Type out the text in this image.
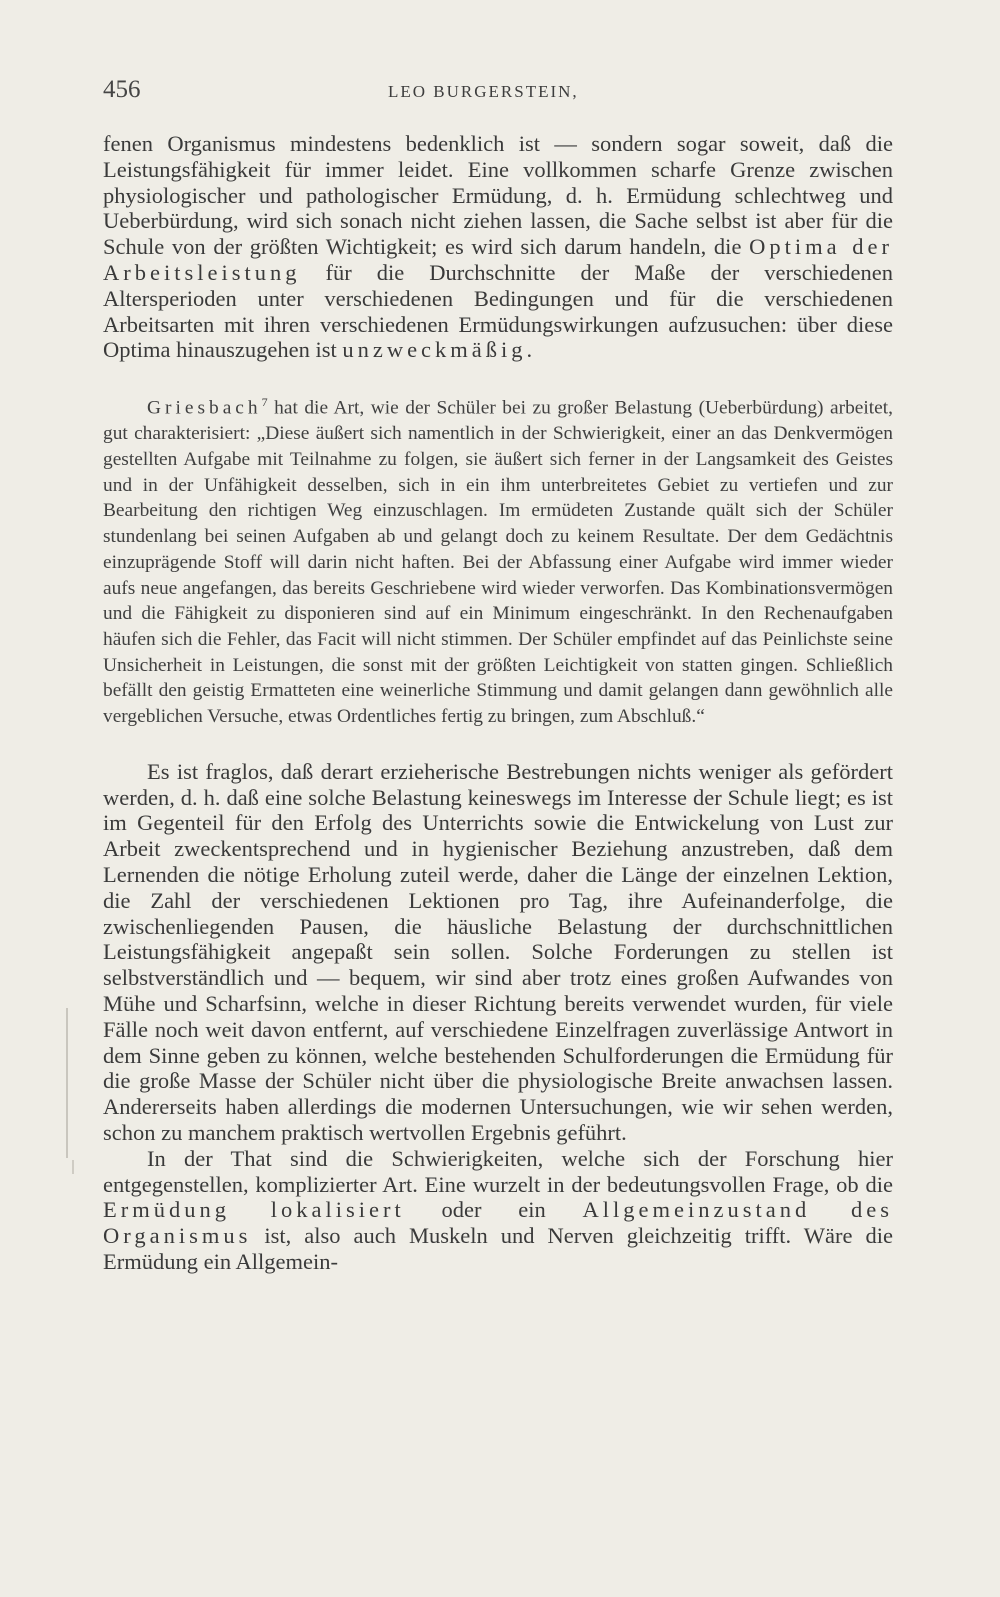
456	LEO BURGERSTEIN,

fenen Organismus mindestens bedenklich ist — sondern sogar soweit, daß die Leistungsfähigkeit für immer leidet. Eine vollkommen scharfe Grenze zwischen physiologischer und pathologischer Ermüdung, d. h. Ermüdung schlechtweg und Ueberbürdung, wird sich sonach nicht ziehen lassen, die Sache selbst ist aber für die Schule von der größten Wichtigkeit; es wird sich darum handeln, die Optima der Arbeitsleistung für die Durchschnitte der Maße der verschiedenen Altersperioden unter verschiedenen Bedingungen und für die verschiedenen Arbeitsarten mit ihren verschiedenen Ermüdungswirkungen aufzusuchen: über diese Optima hinauszugehen ist unzweckmäßig.

Griesbach$^7$ hat die Art, wie der Schüler bei zu großer Belastung (Ueberbürdung) arbeitet, gut charakterisiert: „Diese äußert sich namentlich in der Schwierigkeit, einer an das Denkvermögen gestellten Aufgabe mit Teilnahme zu folgen, sie äußert sich ferner in der Langsamkeit des Geistes und in der Unfähigkeit desselben, sich in ein ihm unterbreitetes Gebiet zu vertiefen und zur Bearbeitung den richtigen Weg einzuschlagen. Im ermüdeten Zustande quält sich der Schüler stundenlang bei seinen Aufgaben ab und gelangt doch zu keinem Resultate. Der dem Gedächtnis einzuprägende Stoff will darin nicht haften. Bei der Abfassung einer Aufgabe wird immer wieder aufs neue angefangen, das bereits Geschriebene wird wieder verworfen. Das Kombinationsvermögen und die Fähigkeit zu disponieren sind auf ein Minimum eingeschränkt. In den Rechenaufgaben häufen sich die Fehler, das Facit will nicht stimmen. Der Schüler empfindet auf das Peinlichste seine Unsicherheit in Leistungen, die sonst mit der größten Leichtigkeit von statten gingen. Schließlich befällt den geistig Ermatteten eine weinerliche Stimmung und damit gelangen dann gewöhnlich alle vergeblichen Versuche, etwas Ordentliches fertig zu bringen, zum Abschluß.“

Es ist fraglos, daß derart erzieherische Bestrebungen nichts weniger als gefördert werden, d. h. daß eine solche Belastung keineswegs im Interesse der Schule liegt; es ist im Gegenteil für den Erfolg des Unterrichts sowie die Entwickelung von Lust zur Arbeit zweckentsprechend und in hygienischer Beziehung anzustreben, daß dem Lernenden die nötige Erholung zuteil werde, daher die Länge der einzelnen Lektion, die Zahl der verschiedenen Lektionen pro Tag, ihre Aufeinanderfolge, die zwischenliegenden Pausen, die häusliche Belastung der durchschnittlichen Leistungsfähigkeit angepaßt sein sollen. Solche Forderungen zu stellen ist selbstverständlich und — bequem, wir sind aber trotz eines großen Aufwandes von Mühe und Scharfsinn, welche in dieser Richtung bereits verwendet wurden, für viele Fälle noch weit davon entfernt, auf verschiedene Einzelfragen zuverlässige Antwort in dem Sinne geben zu können, welche bestehenden Schulforderungen die Ermüdung für die große Masse der Schüler nicht über die physiologische Breite anwachsen lassen. Andererseits haben allerdings die modernen Untersuchungen, wie wir sehen werden, schon zu manchem praktisch wertvollen Ergebnis geführt.

In der That sind die Schwierigkeiten, welche sich der Forschung hier entgegenstellen, komplizierter Art. Eine wurzelt in der bedeutungsvollen Frage, ob die Ermüdung lokalisiert oder ein Allgemeinzustand des Organismus ist, also auch Muskeln und Nerven gleichzeitig trifft. Wäre die Ermüdung ein Allgemein-
